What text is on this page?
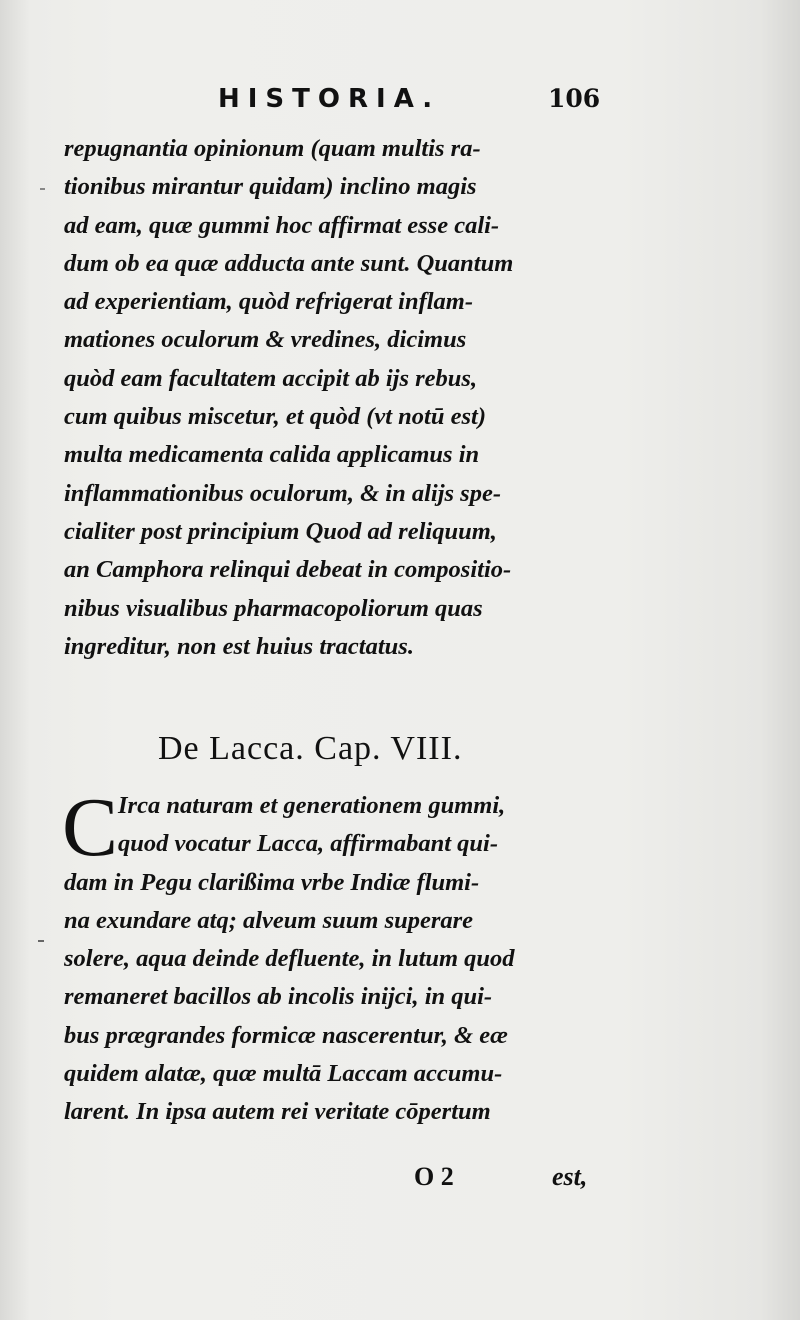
HISTORIA.	106
repugnantia opinionum (quam multis ra-
tionibus mirantur quidam) inclino magis
ad eam, quæ gummi hoc affirmat esse cali-
dum ob ea quæ adducta ante sunt. Quantum
ad experientiam, quòd refrigerat inflam-
mationes oculorum & vredines, dicimus
quòd eam facultatem accipit ab ijs rebus,
cum quibus miscetur, et quòd (vt notū est)
multa medicamenta calida applicamus in
inflammationibus oculorum, & in alijs spe-
cialiter post principium Quod ad reliquum,
an Camphora relinqui debeat in compositio-
nibus visualibus pharmacopoliorum quas
ingreditur, non est huius tractatus.
De Lacca. Cap. VIII.
C Irca naturam et generationem gummi,
quod vocatur Lacca, affirmabant qui-
dam in Pegu clarißima vrbe Indiæ flumi-
na exundare atq; alveum suum superare
solere, aqua deinde defluente, in lutum quod
remaneret bacillos ab incolis inijci, in qui-
bus prægrandes formicæ nascerentur, & eæ
quidem alatæ, quæ multā Laccam accumu-
larent. In ipsa autem rei veritate cōpertum
O 2	est,
